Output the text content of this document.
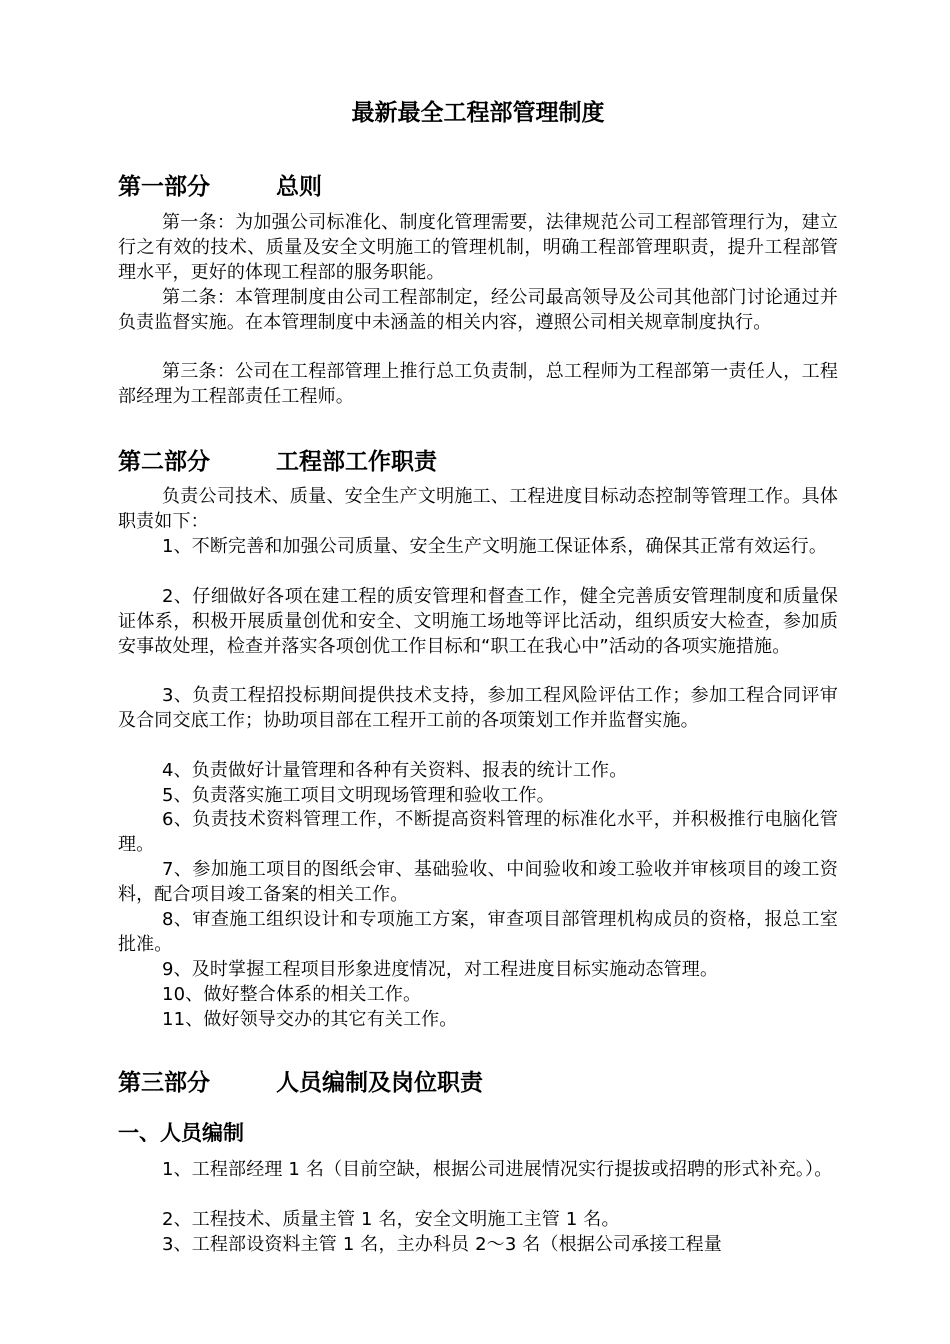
最新最全工程部管理制度
第一部分	总则

第一条：为加强公司标准化、制度化管理需要，法律规范公司工程部管理行为，建立行之有效的技术、质量及安全文明施工的管理机制，明确工程部管理职责，提升工程部管理水平，更好的体现工程部的服务职能。

第二条：本管理制度由公司工程部制定，经公司最高领导及公司其他部门讨论通过并负责监督实施。在本管理制度中未涵盖的相关内容，遵照公司相关规章制度执行。

第三条：公司在工程部管理上推行总工负责制，总工程师为工程部第一责任人，工程部经理为工程部责任工程师。

第二部分	工程部工作职责

负责公司技术、质量、安全生产文明施工、工程进度目标动态控制等管理工作。具体职责如下：

1、不断完善和加强公司质量、安全生产文明施工保证体系，确保其正常有效运行。

2、仔细做好各项在建工程的质安管理和督查工作，健全完善质安管理制度和质量保证体系，积极开展质量创优和安全、文明施工场地等评比活动，组织质安大检查，参加质安事故处理，检查并落实各项创优工作目标和“职工在我心中”活动的各项实施措施。

3、负责工程招投标期间提供技术支持，参加工程风险评估工作；参加工程合同评审及合同交底工作；协助项目部在工程开工前的各项策划工作并监督实施。

4、负责做好计量管理和各种有关资料、报表的统计工作。

5、负责落实施工项目文明现场管理和验收工作。

6、负责技术资料管理工作，不断提高资料管理的标准化水平，并积极推行电脑化管理。

7、参加施工项目的图纸会审、基础验收、中间验收和竣工验收并审核项目的竣工资料，配合项目竣工备案的相关工作。

8、审查施工组织设计和专项施工方案，审查项目部管理机构成员的资格，报总工室批准。

9、及时掌握工程项目形象进度情况，对工程进度目标实施动态管理。

10、做好整合体系的相关工作。

11、做好领导交办的其它有关工作。

第三部分	人员编制及岗位职责
一、人员编制

1、工程部经理 1 名（目前空缺，根据公司进展情况实行提拔或招聘的形式补充。）。

2、工程技术、质量主管 1 名，安全文明施工主管 1 名。

3、工程部设资料主管 1 名，主办科员 2～3 名（根据公司承接工程量
